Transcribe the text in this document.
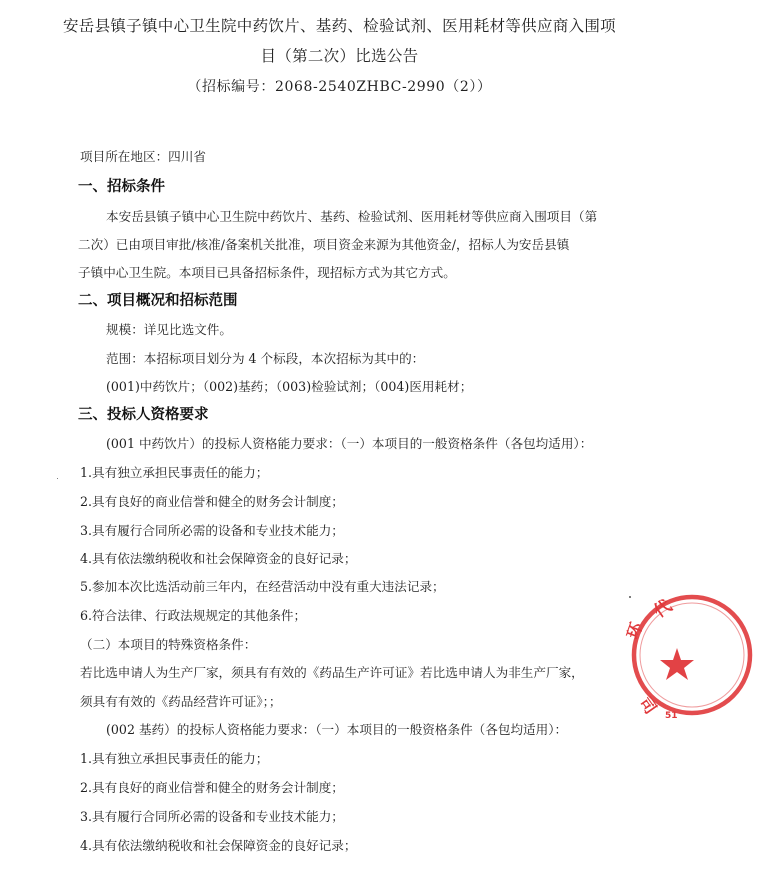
安岳县镇子镇中心卫生院中药饮片、基药、检验试剂、医用耗材等供应商入围项
目（第二次）比选公告
（招标编号：2068-2540ZHBC-2990（2））
项目所在地区：四川省
一、招标条件
本安岳县镇子镇中心卫生院中药饮片、基药、检验试剂、医用耗材等供应商入围项目（第
二次）已由项目审批/核准/备案机关批准，项目资金来源为其他资金/，招标人为安岳县镇
子镇中心卫生院。本项目已具备招标条件，现招标方式为其它方式。
二、项目概况和招标范围
规模：详见比选文件。
范围：本招标项目划分为 4 个标段，本次招标为其中的：
(001)中药饮片；（002)基药；（003)检验试剂；（004)医用耗材；
三、投标人资格要求
(001 中药饮片）的投标人资格能力要求：（一）本项目的一般资格条件（各包均适用）：
1.具有独立承担民事责任的能力；
2.具有良好的商业信誉和健全的财务会计制度；
3.具有履行合同所必需的设备和专业技术能力；
4.具有依法缴纳税收和社会保障资金的良好记录；
5.参加本次比选活动前三年内，在经营活动中没有重大违法记录；
6.符合法律、行政法规规定的其他条件；
（二）本项目的特殊资格条件：
若比选申请人为生产厂家，须具有有效的《药品生产许可证》若比选申请人为非生产厂家，
须具有有效的《药品经营许可证》；；
(002 基药）的投标人资格能力要求：（一）本项目的一般资格条件（各包均适用）：
1.具有独立承担民事责任的能力；
2.具有良好的商业信誉和健全的财务会计制度；
3.具有履行合同所必需的设备和专业技术能力；
4.具有依法缴纳税收和社会保障资金的良好记录；
代
环
司 51
